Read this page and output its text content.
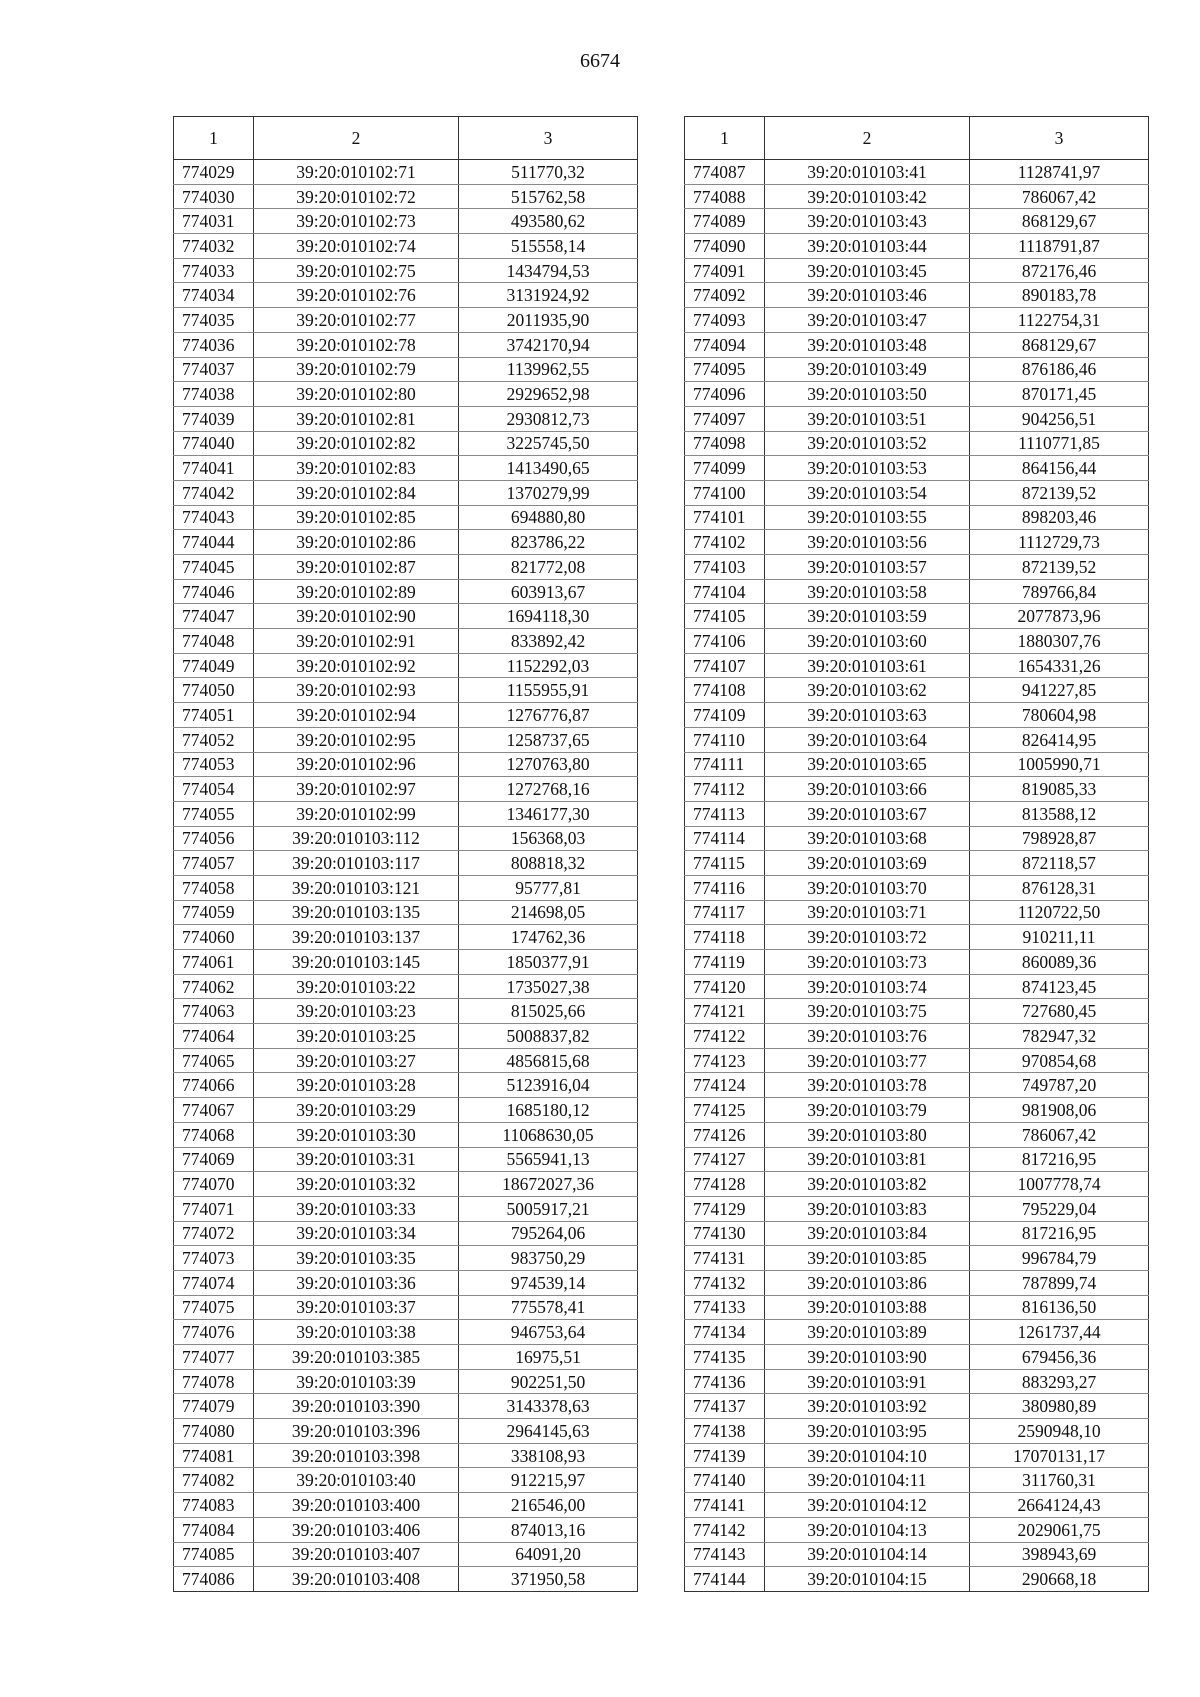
6674
1	2	3
774029	39:20:010102:71	511770,32
774030	39:20:010102:72	515762,58
774031	39:20:010102:73	493580,62
774032	39:20:010102:74	515558,14
774033	39:20:010102:75	1434794,53
774034	39:20:010102:76	3131924,92
774035	39:20:010102:77	2011935,90
774036	39:20:010102:78	3742170,94
774037	39:20:010102:79	1139962,55
774038	39:20:010102:80	2929652,98
774039	39:20:010102:81	2930812,73
774040	39:20:010102:82	3225745,50
774041	39:20:010102:83	1413490,65
774042	39:20:010102:84	1370279,99
774043	39:20:010102:85	694880,80
774044	39:20:010102:86	823786,22
774045	39:20:010102:87	821772,08
774046	39:20:010102:89	603913,67
774047	39:20:010102:90	1694118,30
774048	39:20:010102:91	833892,42
774049	39:20:010102:92	1152292,03
774050	39:20:010102:93	1155955,91
774051	39:20:010102:94	1276776,87
774052	39:20:010102:95	1258737,65
774053	39:20:010102:96	1270763,80
774054	39:20:010102:97	1272768,16
774055	39:20:010102:99	1346177,30
774056	39:20:010103:112	156368,03
774057	39:20:010103:117	808818,32
774058	39:20:010103:121	95777,81
774059	39:20:010103:135	214698,05
774060	39:20:010103:137	174762,36
774061	39:20:010103:145	1850377,91
774062	39:20:010103:22	1735027,38
774063	39:20:010103:23	815025,66
774064	39:20:010103:25	5008837,82
774065	39:20:010103:27	4856815,68
774066	39:20:010103:28	5123916,04
774067	39:20:010103:29	1685180,12
774068	39:20:010103:30	11068630,05
774069	39:20:010103:31	5565941,13
774070	39:20:010103:32	18672027,36
774071	39:20:010103:33	5005917,21
774072	39:20:010103:34	795264,06
774073	39:20:010103:35	983750,29
774074	39:20:010103:36	974539,14
774075	39:20:010103:37	775578,41
774076	39:20:010103:38	946753,64
774077	39:20:010103:385	16975,51
774078	39:20:010103:39	902251,50
774079	39:20:010103:390	3143378,63
774080	39:20:010103:396	2964145,63
774081	39:20:010103:398	338108,93
774082	39:20:010103:40	912215,97
774083	39:20:010103:400	216546,00
774084	39:20:010103:406	874013,16
774085	39:20:010103:407	64091,20
774086	39:20:010103:408	371950,58
1	2	3
774087	39:20:010103:41	1128741,97
774088	39:20:010103:42	786067,42
774089	39:20:010103:43	868129,67
774090	39:20:010103:44	1118791,87
774091	39:20:010103:45	872176,46
774092	39:20:010103:46	890183,78
774093	39:20:010103:47	1122754,31
774094	39:20:010103:48	868129,67
774095	39:20:010103:49	876186,46
774096	39:20:010103:50	870171,45
774097	39:20:010103:51	904256,51
774098	39:20:010103:52	1110771,85
774099	39:20:010103:53	864156,44
774100	39:20:010103:54	872139,52
774101	39:20:010103:55	898203,46
774102	39:20:010103:56	1112729,73
774103	39:20:010103:57	872139,52
774104	39:20:010103:58	789766,84
774105	39:20:010103:59	2077873,96
774106	39:20:010103:60	1880307,76
774107	39:20:010103:61	1654331,26
774108	39:20:010103:62	941227,85
774109	39:20:010103:63	780604,98
774110	39:20:010103:64	826414,95
774111	39:20:010103:65	1005990,71
774112	39:20:010103:66	819085,33
774113	39:20:010103:67	813588,12
774114	39:20:010103:68	798928,87
774115	39:20:010103:69	872118,57
774116	39:20:010103:70	876128,31
774117	39:20:010103:71	1120722,50
774118	39:20:010103:72	910211,11
774119	39:20:010103:73	860089,36
774120	39:20:010103:74	874123,45
774121	39:20:010103:75	727680,45
774122	39:20:010103:76	782947,32
774123	39:20:010103:77	970854,68
774124	39:20:010103:78	749787,20
774125	39:20:010103:79	981908,06
774126	39:20:010103:80	786067,42
774127	39:20:010103:81	817216,95
774128	39:20:010103:82	1007778,74
774129	39:20:010103:83	795229,04
774130	39:20:010103:84	817216,95
774131	39:20:010103:85	996784,79
774132	39:20:010103:86	787899,74
774133	39:20:010103:88	816136,50
774134	39:20:010103:89	1261737,44
774135	39:20:010103:90	679456,36
774136	39:20:010103:91	883293,27
774137	39:20:010103:92	380980,89
774138	39:20:010103:95	2590948,10
774139	39:20:010104:10	17070131,17
774140	39:20:010104:11	311760,31
774141	39:20:010104:12	2664124,43
774142	39:20:010104:13	2029061,75
774143	39:20:010104:14	398943,69
774144	39:20:010104:15	290668,18
